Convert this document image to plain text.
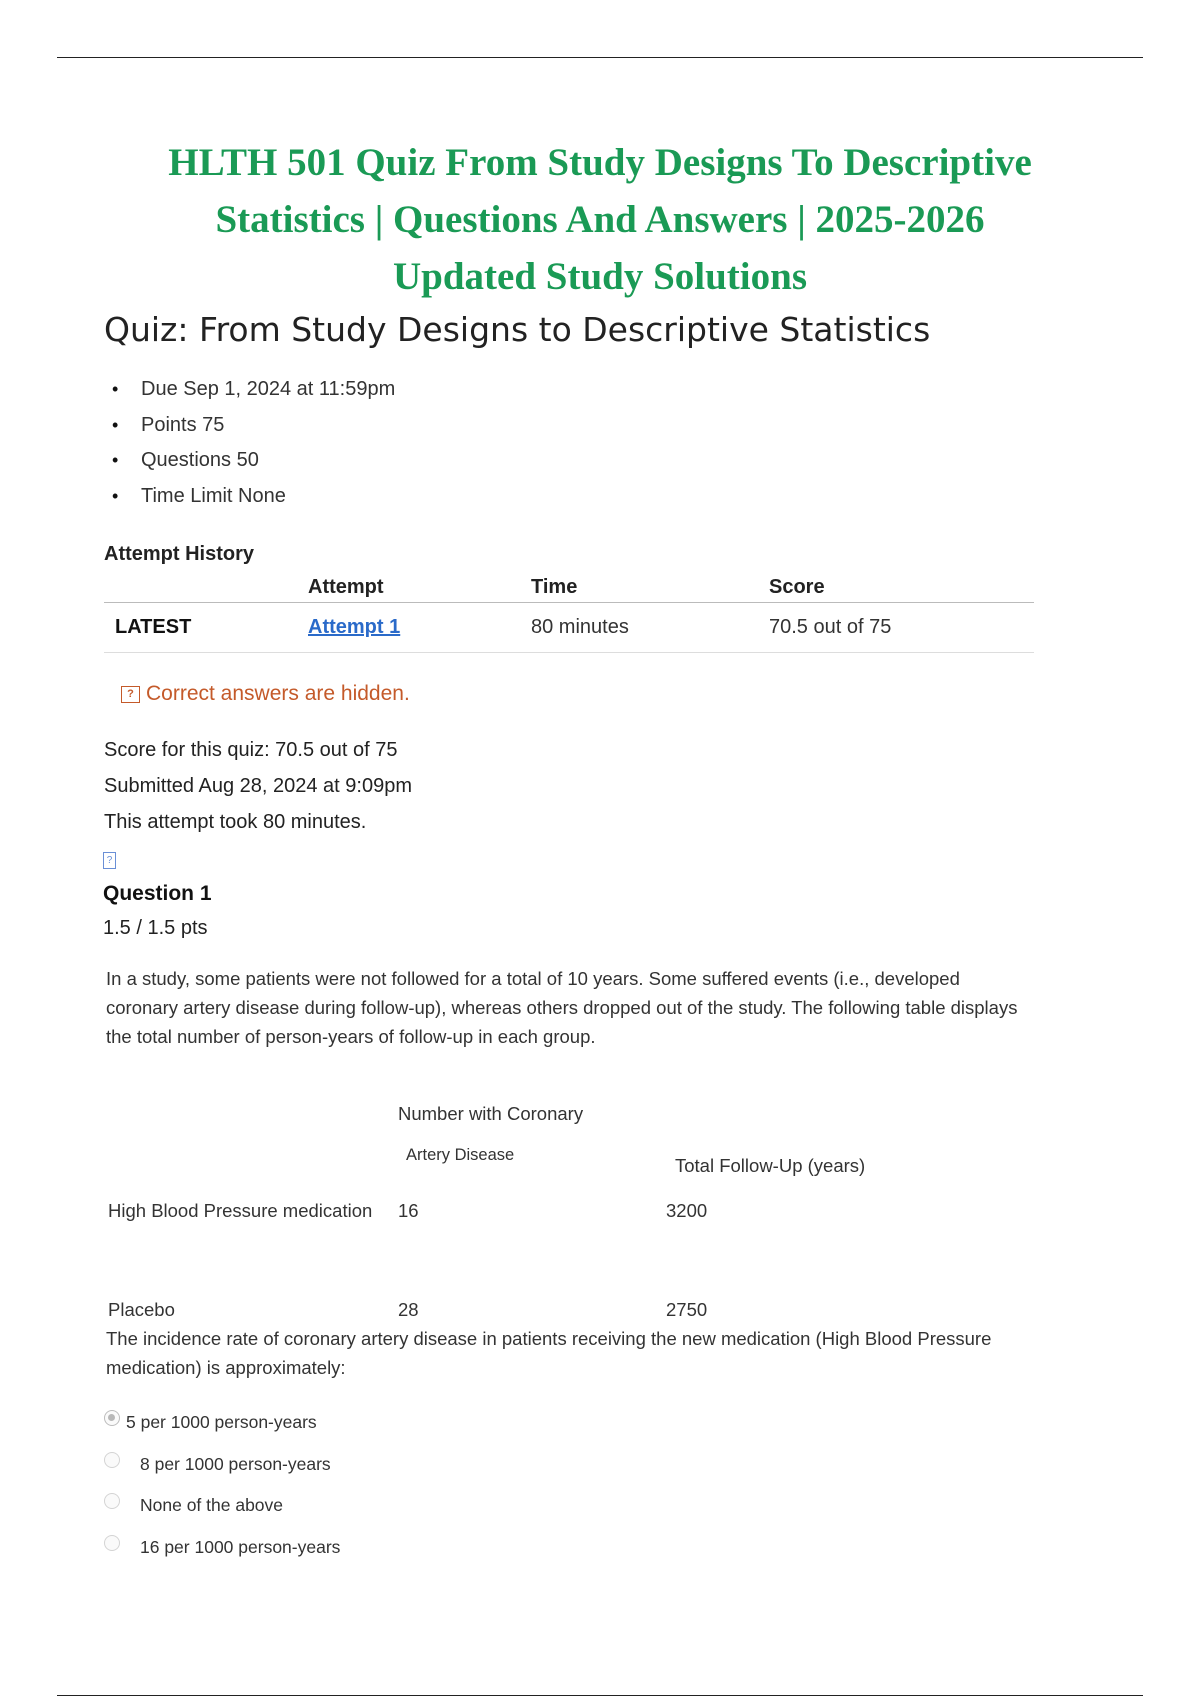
HLTH 501 Quiz From Study Designs To Descriptive
Statistics | Questions And Answers | 2025-2026
Updated Study Solutions
Quiz: From Study Designs to Descriptive Statistics
•	Due Sep 1, 2024 at 11:59pm
•	Points 75
•	Questions 50
•	Time Limit None
Attempt History
	Attempt	Time	Score
LATEST	Attempt 1	80 minutes	70.5 out of 75
? Correct answers are hidden.
Score for this quiz: 70.5 out of 75
Submitted Aug 28, 2024 at 9:09pm
This attempt took 80 minutes.
?
Question 1
1.5 / 1.5 pts

In a study, some patients were not followed for a total of 10 years. Some suffered events (i.e., developed coronary artery disease during follow-up), whereas others dropped out of the study. The following table displays the total number of person-years of follow-up in each group.

Number with Coronary
Artery Disease	Total Follow-Up (years)
High Blood Pressure medication 16	3200
Placebo	28	2750

The incidence rate of coronary artery disease in patients receiving the new medication (High Blood Pressure medication) is approximately:

5 per 1000 person-years
8 per 1000 person-years
None of the above
16 per 1000 person-years
